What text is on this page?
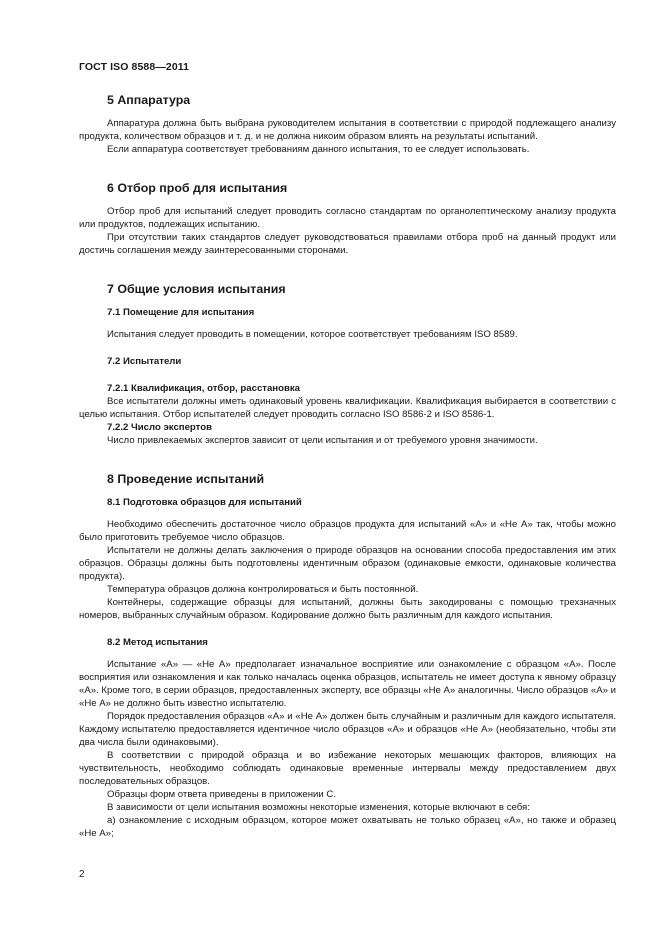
ГОСТ ISO 8588—2011
5 Аппаратура

Аппаратура должна быть выбрана руководителем испытания в соответствии с природой подлежащего анализу продукта, количеством образцов и т. д. и не должна никоим образом влиять на результаты испытаний.

Если аппаратура соответствует требованиям данного испытания, то ее следует использовать.

6 Отбор проб для испытания

Отбор проб для испытаний следует проводить согласно стандартам по органолептическому анализу продукта или продуктов, подлежащих испытанию.

При отсутствии таких стандартов следует руководствоваться правилами отбора проб на данный продукт или достичь соглашения между заинтересованными сторонами.

7 Общие условия испытания
7.1 Помещение для испытания

Испытания следует проводить в помещении, которое соответствует требованиям ISO 8589.

7.2 Испытатели
7.2.1 Квалификация, отбор, расстановка

Все испытатели должны иметь одинаковый уровень квалификации. Квалификация выбирается в соответствии с целью испытания. Отбор испытателей следует проводить согласно ISO 8586-2 и ISO 8586-1.

7.2.2 Число экспертов

Число привлекаемых экспертов зависит от цели испытания и от требуемого уровня значимости.

8 Проведение испытаний
8.1 Подготовка образцов для испытаний

Необходимо обеспечить достаточное число образцов продукта для испытаний «А» и «Не А» так, чтобы можно было приготовить требуемое число образцов.

Испытатели не должны делать заключения о природе образцов на основании способа предоставления им этих образцов. Образцы должны быть подготовлены идентичным образом (одинаковые емкости, одинаковые количества продукта).

Температура образцов должна контролироваться и быть постоянной.

Контейнеры, содержащие образцы для испытаний, должны быть закодированы с помощью трехзначных номеров, выбранных случайным образом. Кодирование должно быть различным для каждого испытания.

8.2 Метод испытания

Испытание «А» — «Не А» предполагает изначальное восприятие или ознакомление с образцом «А». После восприятия или ознакомления и как только началась оценка образцов, испытатель не имеет доступа к явному образцу «А». Кроме того, в серии образцов, предоставленных эксперту, все образцы «Не А» аналогичны. Число образцов «А» и «Не А» не должно быть известно испытателю.

Порядок предоставления образцов «А» и «Не А» должен быть случайным и различным для каждого испытателя. Каждому испытателю предоставляется идентичное число образцов «А» и образцов «Не А» (необязательно, чтобы эти два числа были одинаковыми).

В соответствии с природой образца и во избежание некоторых мешающих факторов, влияющих на чувствительность, необходимо соблюдать одинаковые временные интервалы между предоставлением двух последовательных образцов.

Образцы форм ответа приведены в приложении С.

В зависимости от цели испытания возможны некоторые изменения, которые включают в себя:

а) ознакомление с исходным образцом, которое может охватывать не только образец «А», но также и образец «Не А»;

2
